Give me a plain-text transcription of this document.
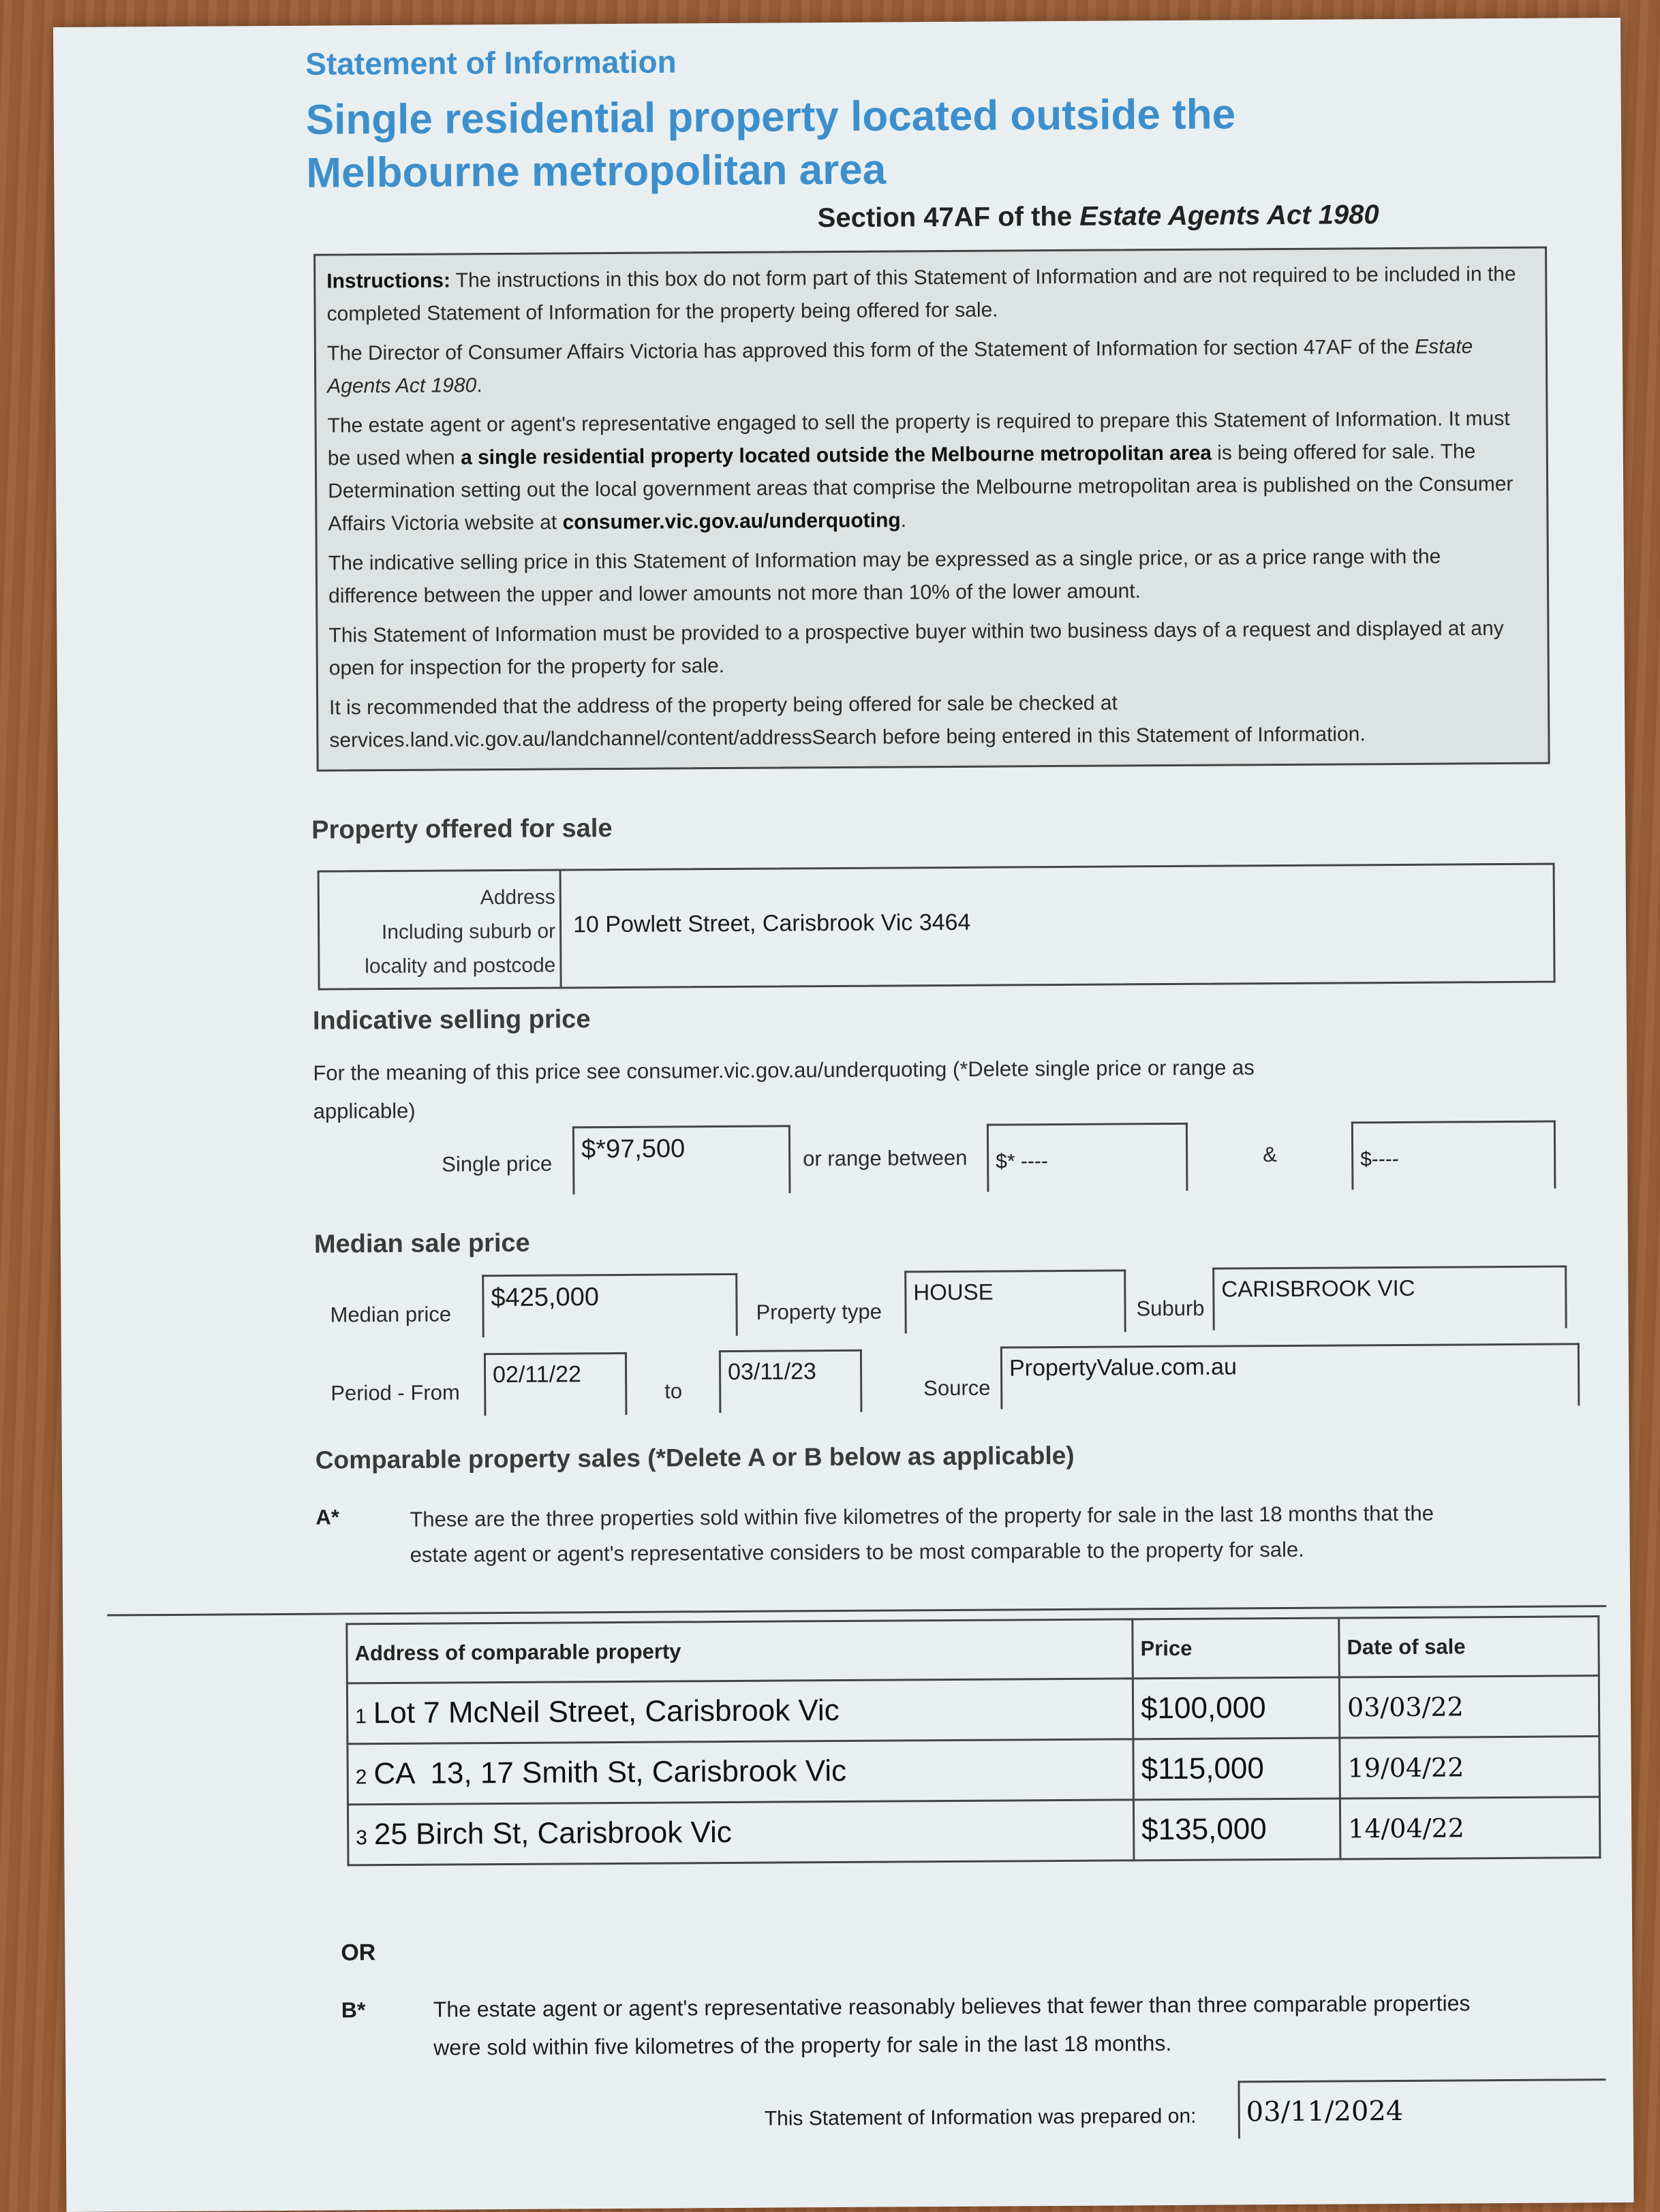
Statement of Information
Single residential property located outside the
Melbourne metropolitan area
Section 47AF of the Estate Agents Act 1980

Instructions: The instructions in this box do not form part of this Statement of Information and are not required to be included in the completed Statement of Information for the property being offered for sale.

The Director of Consumer Affairs Victoria has approved this form of the Statement of Information for section 47AF of the Estate Agents Act 1980.

The estate agent or agent's representative engaged to sell the property is required to prepare this Statement of Information. It must be used when a single residential property located outside the Melbourne metropolitan area is being offered for sale. The Determination setting out the local government areas that comprise the Melbourne metropolitan area is published on the Consumer Affairs Victoria website at consumer.vic.gov.au/underquoting.

The indicative selling price in this Statement of Information may be expressed as a single price, or as a price range with the difference between the upper and lower amounts not more than 10% of the lower amount.

This Statement of Information must be provided to a prospective buyer within two business days of a request and displayed at any open for inspection for the property for sale.

It is recommended that the address of the property being offered for sale be checked at
services.land.vic.gov.au/landchannel/content/addressSearch before being entered in this Statement of Information.

Property offered for sale
Address
Including suburb or
locality and postcode
10 Powlett Street, Carisbrook Vic 3464
Indicative selling price
For the meaning of this price see consumer.vic.gov.au/underquoting (*Delete single price or range as applicable)
Single price
$*97,500	or range between	$* ----	&	$----
Median sale price
Median price
$425,000	Property type
HOUSE
Suburb
CARISBROOK VIC
Period - From
02/11/22
to
03/11/23
Source
PropertyValue.com.au
Comparable property sales (*Delete A or B below as applicable)
A*	These are the three properties sold within five kilometres of the property for sale in the last 18 months that the estate agent or agent's representative considers to be most comparable to the property for sale.
Address of comparable property	Price	Date of sale
1 Lot 7 McNeil Street, Carisbrook Vic	$100,000	03/03/22
2 CA  13, 17 Smith St, Carisbrook Vic	$115,000	19/04/22
3 25 Birch St, Carisbrook Vic	$135,000	14/04/22
OR
B*	The estate agent or agent's representative reasonably believes that fewer than three comparable properties were sold within five kilometres of the property for sale in the last 18 months.
This Statement of Information was prepared on: 03/11/2024
